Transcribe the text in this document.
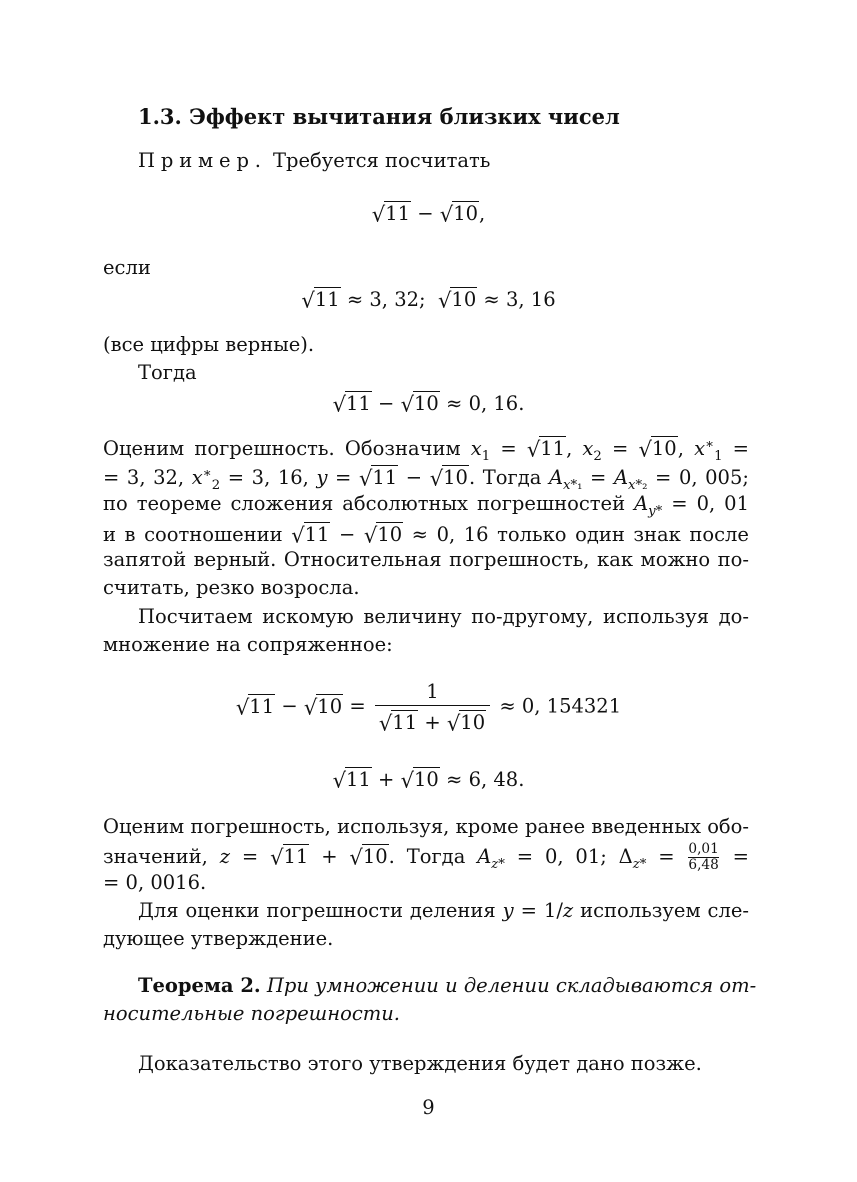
1.3. Эффект вычитания близких чисел
Пример. Требуется посчитать
√11 − √10,
если
√11 ≈ 3, 32; √10 ≈ 3, 16
(все цифры верные).
Тогда
√11 − √10 ≈ 0, 16.
Оценим погрешность. Обозначим $x_1 = √11$, $x_2 = √10$, $x^∗_1$ =
= 3, 32, $x^∗_2 = 3$, 16, y = √11 − √10. Тогда $A_{x*_1} = A_{x*_2} = 0$, 005;
по теореме сложения абсолютных погрешностей $A_{y*} = 0$, 01
и в соотношении √11 − √10 ≈ 0, 16 только один знак после
запятой верный. Относительная погрешность, как можно по-
считать, резко возросла.
Посчитаем искомую величину по-другому, используя до-
множение на сопряженное:
$√11 - √10 = \frac{1}{√11 + √10} \approx 0$, 154321
√11 + √10 ≈ 6, 48.
Оценим погрешность, используя, кроме ранее введенных обо-
значений, z = √11 + √10. Тогда $A_{z*} = 0$, 01; $\Delta_{z*} = \frac{0,01}{6,48}$ =
= 0, 0016.
Для оценки погрешности деления y = 1/z используем сле-
дующее утверждение.
Теорема 2. При умножении и делении складываются от-
носительные погрешности.
Доказательство этого утверждения будет дано позже.
9
